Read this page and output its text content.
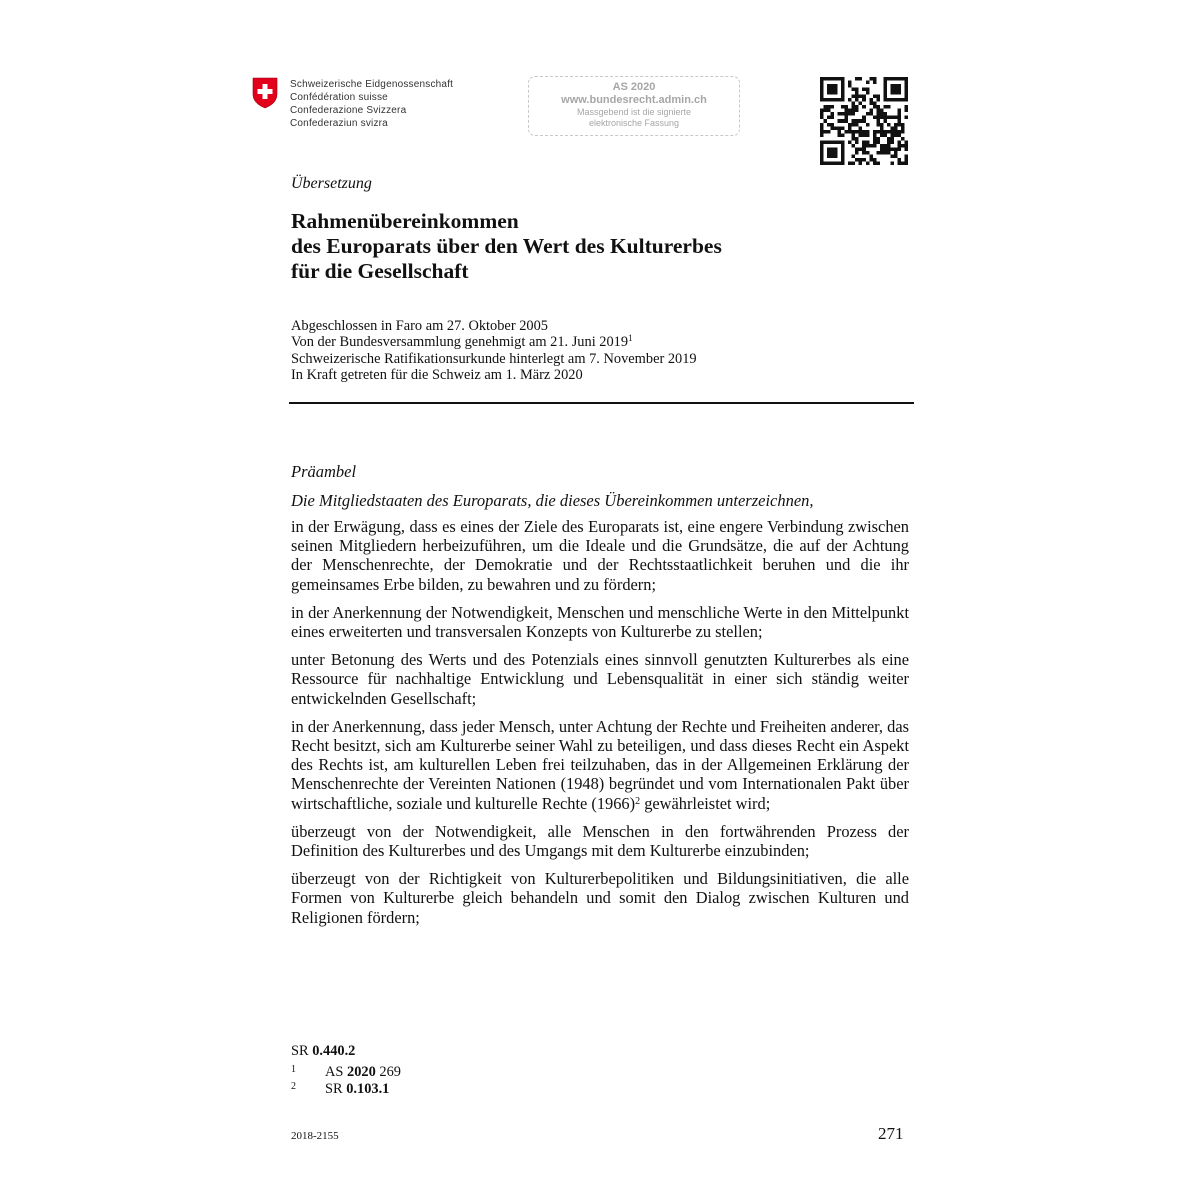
Schweizerische Eidgenossenschaft
Confédération suisse
Confederazione Svizzera
Confederaziun svizra
AS 2020
www.bundesrecht.admin.ch
Massgebend ist die signierte
elektronische Fassung
Übersetzung
Rahmenübereinkommen
des Europarats über den Wert des Kulturerbes
für die Gesellschaft
Abgeschlossen in Faro am 27. Oktober 2005
Von der Bundesversammlung genehmigt am 21. Juni 2019$^1$
Schweizerische Ratifikationsurkunde hinterlegt am 7. November 2019
In Kraft getreten für die Schweiz am 1. März 2020
Präambel
Die Mitgliedstaaten des Europarats, die dieses Übereinkommen unterzeichnen,

in der Erwägung, dass es eines der Ziele des Europarats ist, eine engere Verbindung zwischen seinen Mitgliedern herbeizuführen, um die Ideale und die Grundsätze, die auf der Achtung der Menschenrechte, der Demokratie und der Rechtsstaatlichkeit beruhen und die ihr gemeinsames Erbe bilden, zu bewahren und zu fördern;

in der Anerkennung der Notwendigkeit, Menschen und menschliche Werte in den Mittelpunkt eines erweiterten und transversalen Konzepts von Kulturerbe zu stellen;

unter Betonung des Werts und des Potenzials eines sinnvoll genutzten Kulturerbes als eine Ressource für nachhaltige Entwicklung und Lebensqualität in einer sich ständig weiter entwickelnden Gesellschaft;

in der Anerkennung, dass jeder Mensch, unter Achtung der Rechte und Freiheiten anderer, das Recht besitzt, sich am Kulturerbe seiner Wahl zu beteiligen, und dass dieses Recht ein Aspekt des Rechts ist, am kulturellen Leben frei teilzuhaben, das in der Allgemeinen Erklärung der Menschenrechte der Vereinten Nationen (1948) begründet und vom Internationalen Pakt über wirtschaftliche, soziale und kulturelle Rechte $(1966)^2$ gewährleistet wird;

überzeugt von der Notwendigkeit, alle Menschen in den fortwährenden Prozess der Definition des Kulturerbes und des Umgangs mit dem Kulturerbe einzubinden;

überzeugt von der Richtigkeit von Kulturerbepolitiken und Bildungsinitiativen, die alle Formen von Kulturerbe gleich behandeln und somit den Dialog zwischen Kulturen und Religionen fördern;

SR 0.440.2
1 AS 2020 269
2 SR 0.103.1
2018-2155	271
